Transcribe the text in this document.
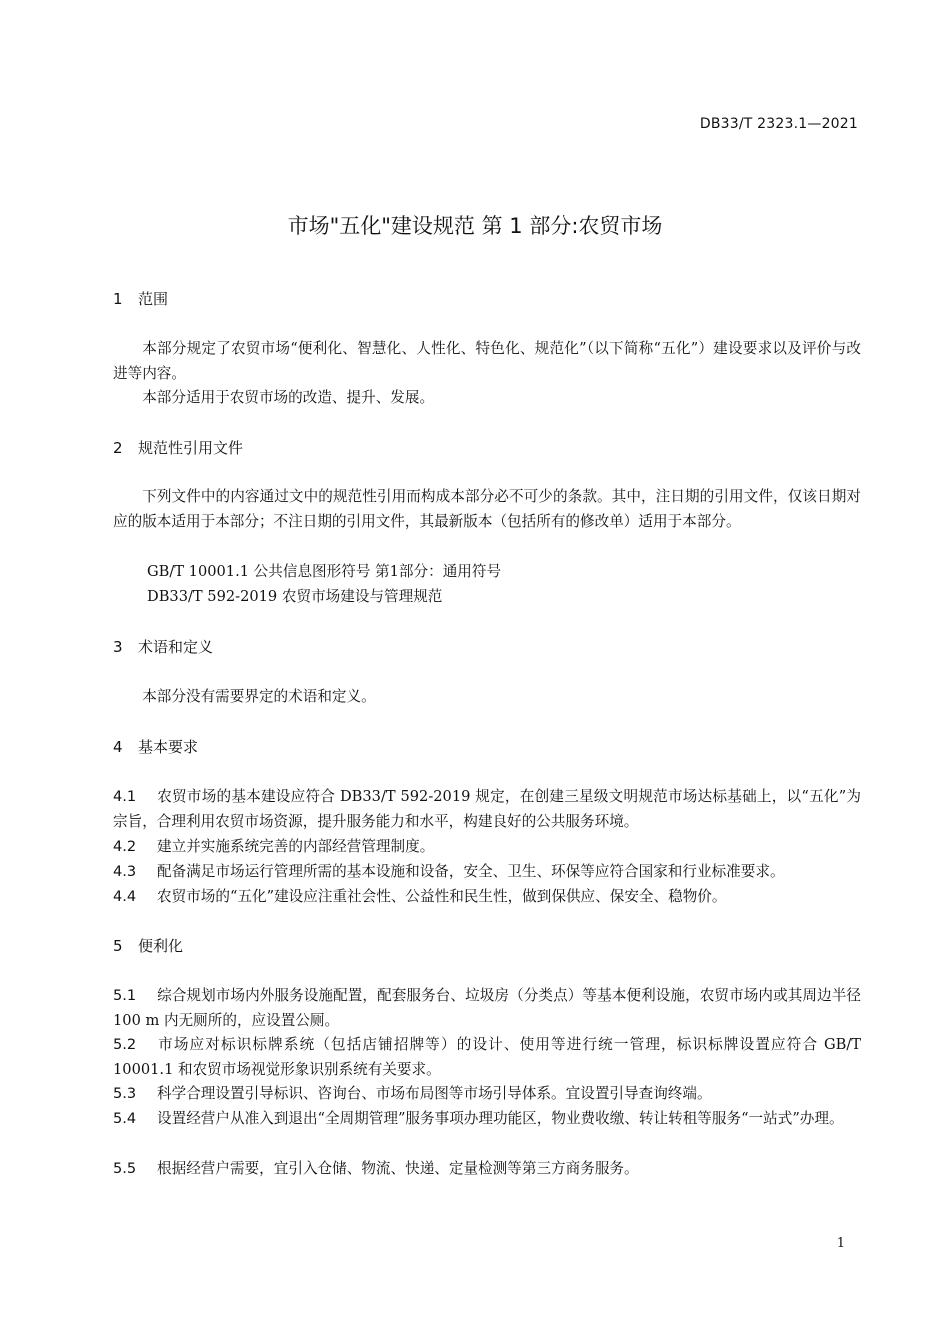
DB33/T 2323.1—2021
市场"五化"建设规范 第 1 部分:农贸市场
1 范围
本部分规定了农贸市场“便利化、智慧化、人性化、特色化、规范化”（以下简称“五化”）建设要求以及评价与改进等内容。
本部分适用于农贸市场的改造、提升、发展。
2 规范性引用文件
下列文件中的内容通过文中的规范性引用而构成本部分必不可少的条款。其中，注日期的引用文件，仅该日期对应的版本适用于本部分；不注日期的引用文件，其最新版本（包括所有的修改单）适用于本部分。
GB/T 10001.1 公共信息图形符号 第1部分：通用符号
DB33/T 592-2019 农贸市场建设与管理规范
3 术语和定义
本部分没有需要界定的术语和定义。
4 基本要求
4.1 农贸市场的基本建设应符合 DB33/T 592-2019 规定，在创建三星级文明规范市场达标基础上，以“五化”为宗旨，合理利用农贸市场资源，提升服务能力和水平，构建良好的公共服务环境。
4.2 建立并实施系统完善的内部经营管理制度。
4.3 配备满足市场运行管理所需的基本设施和设备，安全、卫生、环保等应符合国家和行业标准要求。
4.4 农贸市场的“五化”建设应注重社会性、公益性和民生性，做到保供应、保安全、稳物价。
5 便利化
5.1 综合规划市场内外服务设施配置，配套服务台、垃圾房（分类点）等基本便利设施，农贸市场内或其周边半径 100 m 内无厕所的，应设置公厕。
5.2 市场应对标识标牌系统（包括店铺招牌等）的设计、使用等进行统一管理，标识标牌设置应符合 GB/T 10001.1 和农贸市场视觉形象识别系统有关要求。
5.3 科学合理设置引导标识、咨询台、市场布局图等市场引导体系。宜设置引导查询终端。
5.4 设置经营户从准入到退出“全周期管理”服务事项办理功能区，物业费收缴、转让转租等服务“一站式”办理。
5.5 根据经营户需要，宜引入仓储、物流、快递、定量检测等第三方商务服务。
1
